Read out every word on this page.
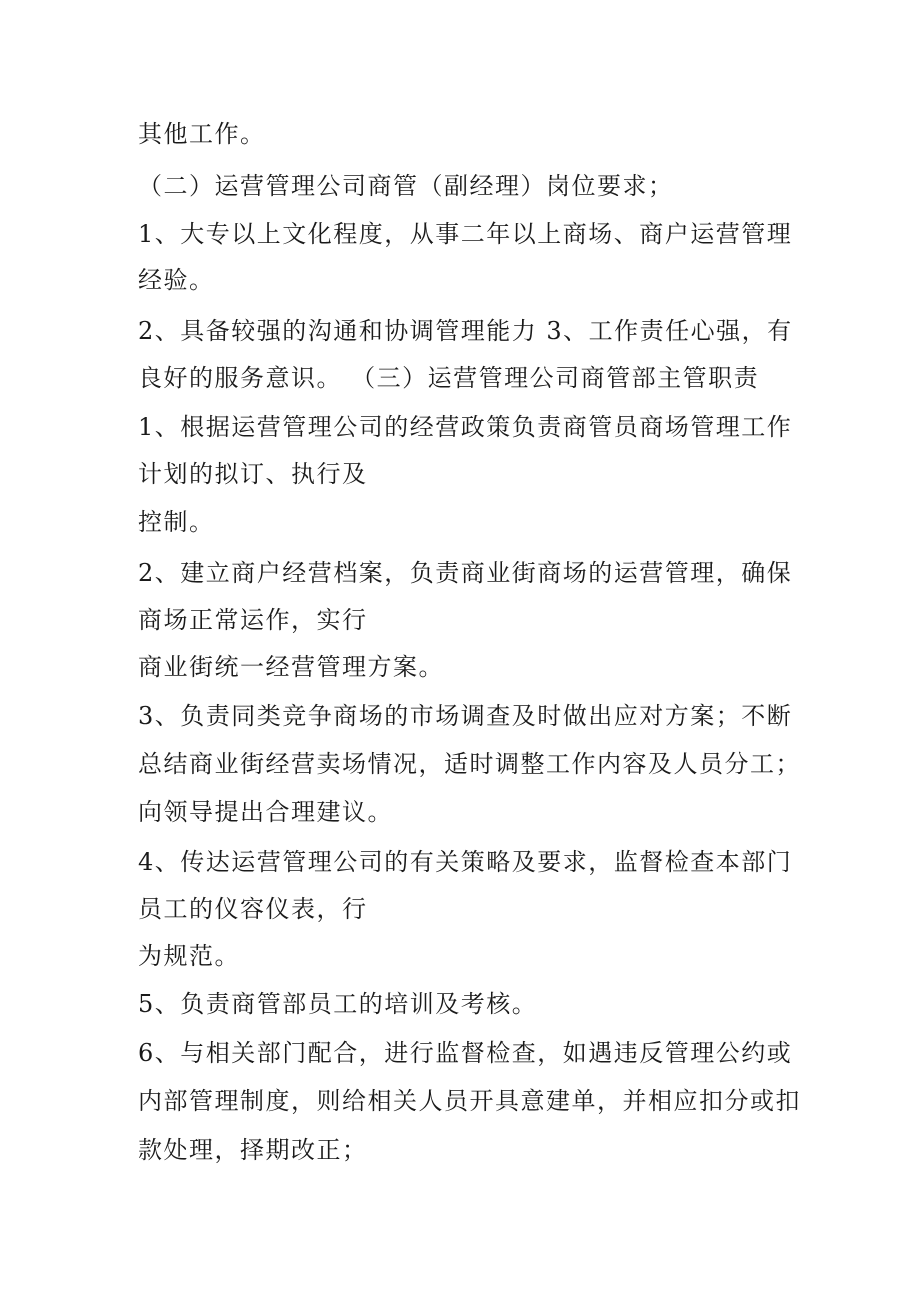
其他工作。
（二）运营管理公司商管（副经理）岗位要求；
1、大专以上文化程度，从事二年以上商场、商户运营管理
经验。
2、具备较强的沟通和协调管理能力 3、工作责任心强，有
良好的服务意识。 （三）运营管理公司商管部主管职责
1、根据运营管理公司的经营政策负责商管员商场管理工作
计划的拟订、执行及
控制。
2、建立商户经营档案，负责商业街商场的运营管理，确保
商场正常运作，实行
商业街统一经营管理方案。
3、负责同类竞争商场的市场调查及时做出应对方案；不断
总结商业街经营卖场情况，适时调整工作内容及人员分工；
向领导提出合理建议。
4、传达运营管理公司的有关策略及要求，监督检查本部门
员工的仪容仪表，行
为规范。
5、负责商管部员工的培训及考核。
6、与相关部门配合，进行监督检查，如遇违反管理公约或
内部管理制度，则给相关人员开具意建单，并相应扣分或扣
款处理，择期改正；
